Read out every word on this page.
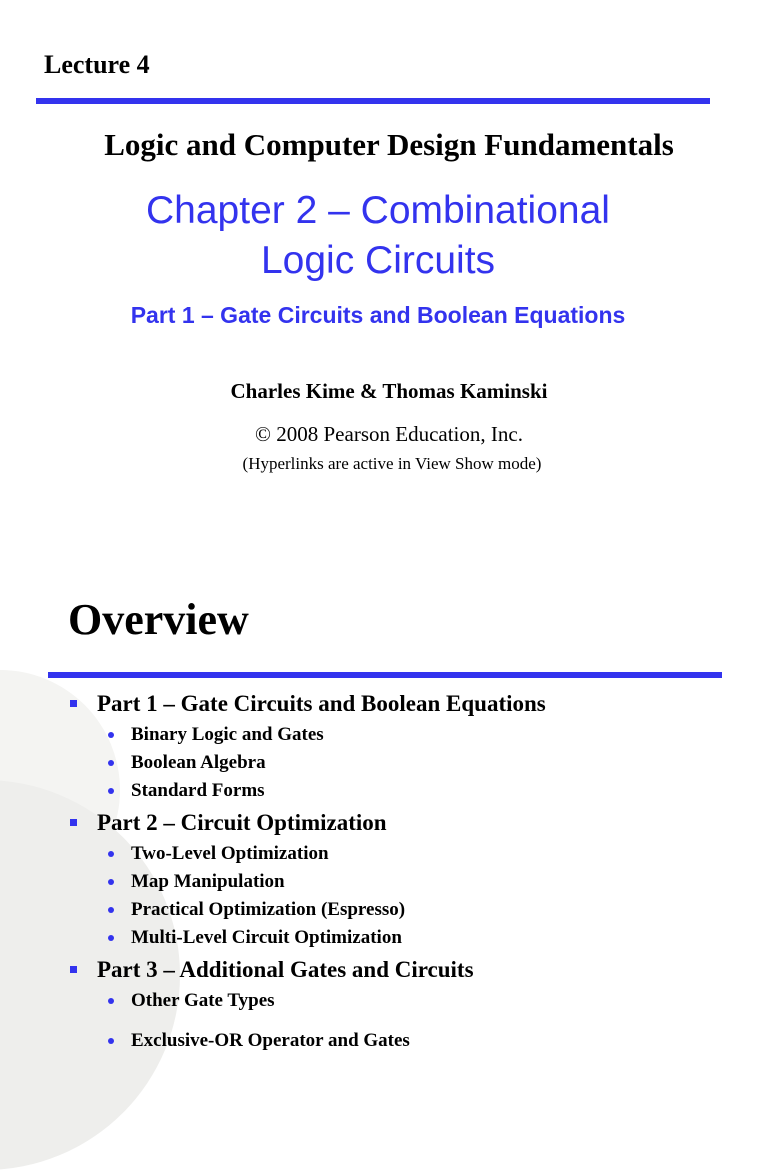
Lecture 4
Logic and Computer Design Fundamentals
Chapter 2 – Combinational
Logic Circuits
Part 1 – Gate Circuits and Boolean Equations
Charles Kime & Thomas Kaminski
© 2008 Pearson Education, Inc.
(Hyperlinks are active in View Show mode)
Overview
Part 1 – Gate Circuits and Boolean Equations
Binary Logic and Gates
Boolean Algebra
Standard Forms
Part 2 – Circuit Optimization
Two-Level Optimization
Map Manipulation
Practical Optimization (Espresso)
Multi-Level Circuit Optimization
Part 3 – Additional Gates and Circuits
Other Gate Types
Exclusive-OR Operator and Gates
